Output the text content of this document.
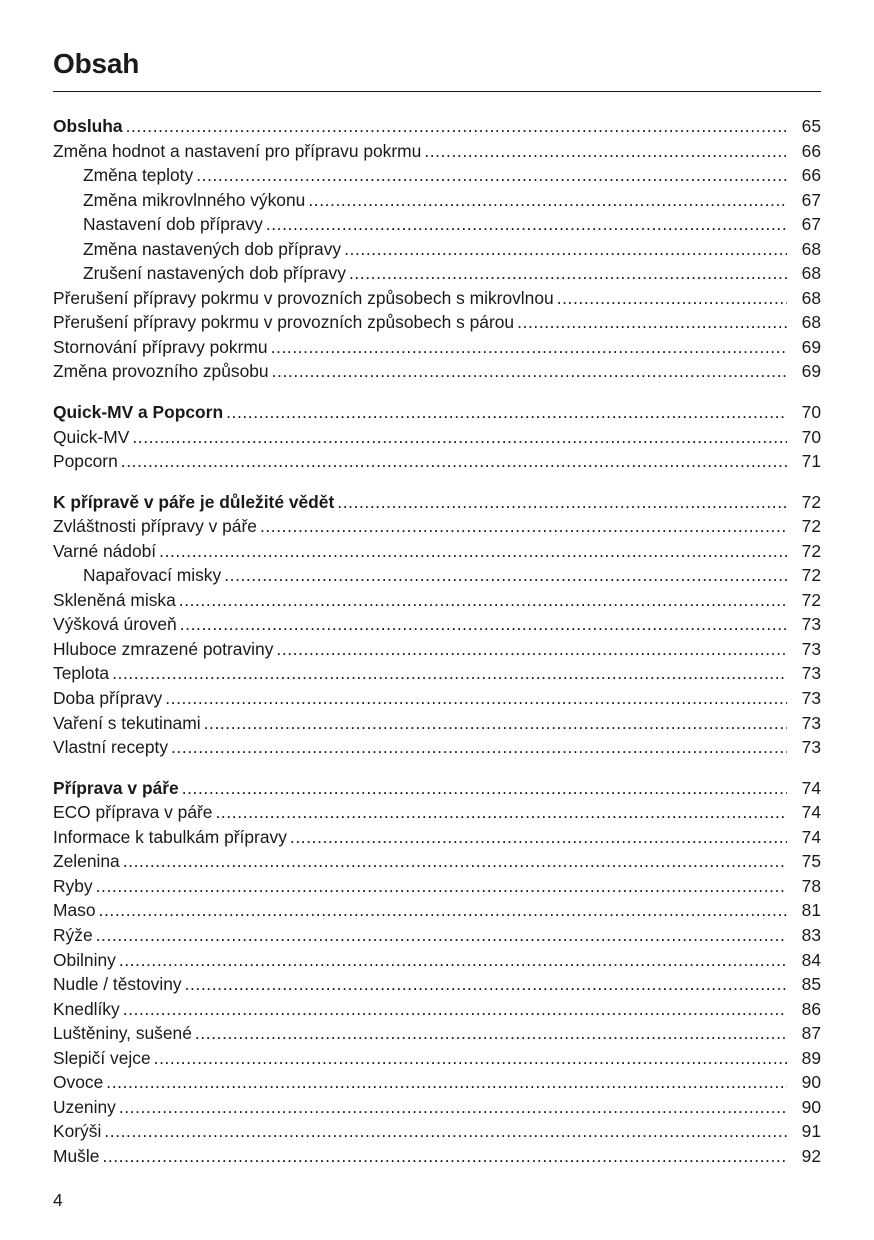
Obsah
Obsluha .....	65
Změna hodnot a nastavení pro přípravu pokrmu .....	66
Změna teploty .....	66
Změna mikrovlnného výkonu .....	67
Nastavení dob přípravy .....	67
Změna nastavených dob přípravy .....	68
Zrušení nastavených dob přípravy .....	68
Přerušení přípravy pokrmu v provozních způsobech s mikrovlnou .....	68
Přerušení přípravy pokrmu v provozních způsobech s párou .....	68
Stornování přípravy pokrmu .....	69
Změna provozního způsobu .....	69
Quick-MV a Popcorn .....	70
Quick-MV .....	70
Popcorn .....	71
K přípravě v páře je důležité vědět .....	72
Zvláštnosti přípravy v páře .....	72
Varné nádobí .....	72
Napařovací misky .....	72
Skleněná miska .....	72
Výšková úroveň .....	73
Hluboce zmrazené potraviny .....	73
Teplota .....	73
Doba přípravy .....	73
Vaření s tekutinami .....	73
Vlastní recepty .....	73
Příprava v páře .....	74
ECO příprava v páře .....	74
Informace k tabulkám přípravy .....	74
Zelenina .....	75
Ryby .....	78
Maso .....	81
Rýže .....	83
Obilniny .....	84
Nudle / těstoviny .....	85
Knedlíky .....	86
Luštěniny, sušené .....	87
Slepičí vejce .....	89
Ovoce .....	90
Uzeniny .....	90
Korýši .....	91
Mušle .....	92
4
